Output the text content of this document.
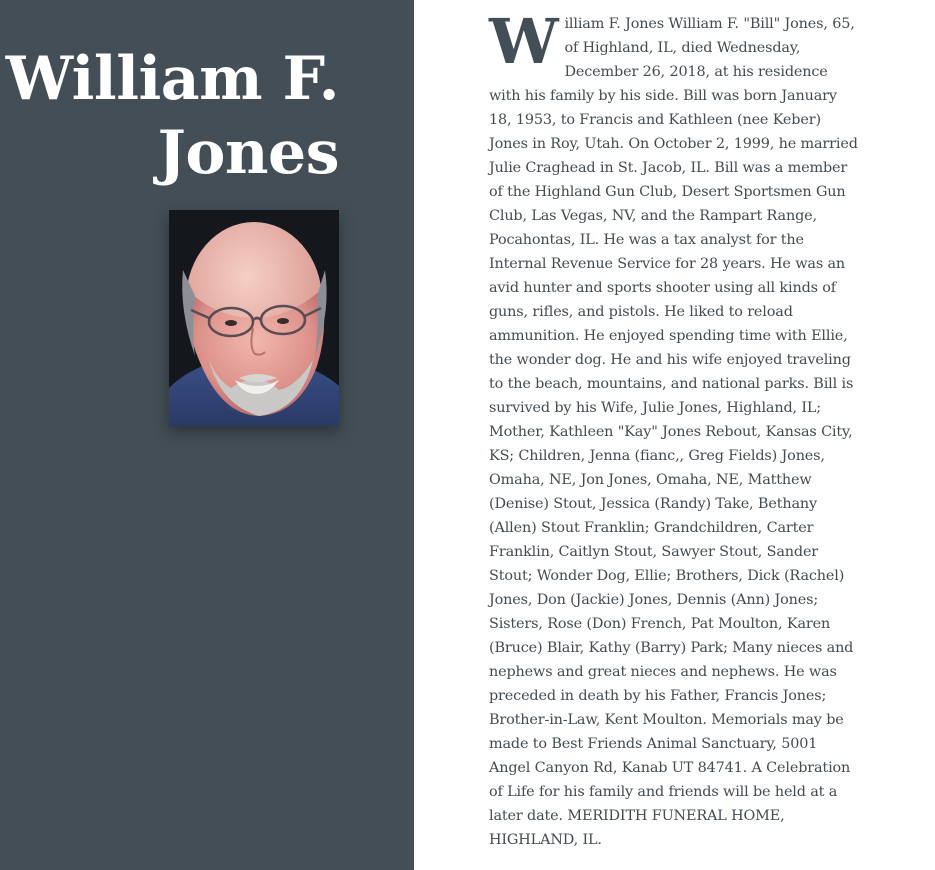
William F.
Jones

William F. Jones William F. "Bill" Jones, 65, of Highland, IL, died Wednesday, December 26, 2018, at his residence with his family by his side. Bill was born January 18, 1953, to Francis and Kathleen (nee Keber) Jones in Roy, Utah. On October 2, 1999, he married Julie Craghead in St. Jacob, IL. Bill was a member of the Highland Gun Club, Desert Sportsmen Gun Club, Las Vegas, NV, and the Rampart Range, Pocahontas, IL. He was a tax analyst for the Internal Revenue Service for 28 years. He was an avid hunter and sports shooter using all kinds of guns, rifles, and pistols. He liked to reload ammunition. He enjoyed spending time with Ellie, the wonder dog. He and his wife enjoyed traveling to the beach, mountains, and national parks. Bill is survived by his Wife, Julie Jones, Highland, IL; Mother, Kathleen "Kay" Jones Rebout, Kansas City, KS; Children, Jenna (fianc,, Greg Fields) Jones, Omaha, NE, Jon Jones, Omaha, NE, Matthew (Denise) Stout, Jessica (Randy) Take, Bethany (Allen) Stout Franklin; Grandchildren, Carter Franklin, Caitlyn Stout, Sawyer Stout, Sander Stout; Wonder Dog, Ellie; Brothers, Dick (Rachel) Jones, Don (Jackie) Jones, Dennis (Ann) Jones; Sisters, Rose (Don) French, Pat Moulton, Karen (Bruce) Blair, Kathy (Barry) Park; Many nieces and nephews and great nieces and nephews. He was preceded in death by his Father, Francis Jones; Brother-in-Law, Kent Moulton. Memorials may be made to Best Friends Animal Sanctuary, 5001 Angel Canyon Rd, Kanab UT 84741. A Celebration of Life for his family and friends will be held at a later date. MERIDITH FUNERAL HOME, HIGHLAND, IL.
